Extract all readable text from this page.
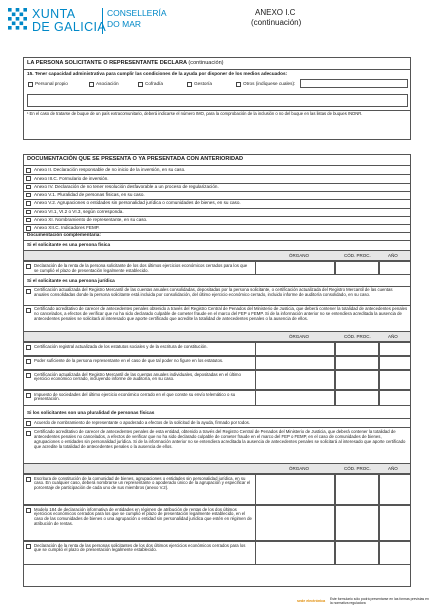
XUNTA
DE GALICIA
CONSELLERÍA
DO MAR
ANEXO I.C
(continuación)
LA PERSONA SOLICITANTE O REPRESENTANTE DECLARA (continuación)
15. Tener capacidad administrativa para cumplir las condiciones de la ayuda por disponer de los medios adecuados:
Personal propio	Asociación	Cofradía	Gestoría	Otros (indíquese cuales):
¹ En el caso de tratarse de buque de un país extracomunitario, deberá indicarse el número IMO, para la comprobación de la inclusión o no del buque en las listas de buques INDNR.
DOCUMENTACIÓN QUE SE PRESENTA O YA PRESENTADA CON ANTERIORIDAD
Anexo II. Declaración responsable de no inicio de la inversión, en su caso.
Anexo III.C. Formulario de inversión.
Anexo IV. Declaración de no tener resolución desfavorable a un proceso de regularización.
Anexo V.1. Pluralidad de personas físicas, en su caso.
Anexo V.2. Agrupaciones o entidades sin personalidad jurídica o comunidades de bienes, en su caso.
Anexo VI.1, VI.2 o VI.3, según corresponda.
Anexo XI. Nombramiento de representante, en su caso.
Anexo XII.C. Indicadores FEMP.
Documentación complementaria:
Si el solicitante es una persona física
ÓRGANO	CÓD. PROC.	AÑO
Declaración de la renta de la persona solicitante de los dos últimos ejercicios económicos cerrados para los que se cumplió el plazo de presentación legalmente establecido.
Si el solicitante es una persona jurídica
Certificación actualizada del Registro Mercantil de las cuentas anuales consolidadas, depositadas por la persona solicitante, o certificación actualizada del Registro Mercantil de las cuentas anuales consolidadas donde la persona solicitante está incluida por consolidación, del último ejercicio económico cerrado, incluido informe de auditoría consolidado, en su caso.
Certificado acreditativo de carecer de antecedentes penales obtenido a través del Registro Central de Penados del Ministerio de Justicia, que deberá contener la totalidad de antecedentes penales no cancelados, a efectos de verificar que no ha sido declarado culpable de cometer fraude en el marco del FEP o FEMP. Si de la información anterior no se entendiera acreditada la ausencia de antecedentes penales se solicitará al interesado que aporte certificado que acredite la totalidad de antecedentes penales o la ausencia de ellos.
ÓRGANO	CÓD. PROC.	AÑO
Certificación registral actualizada de los estatutos sociales y de la escritura de constitución.
Poder suficiente de la persona representante en el caso de que tal poder no figure en los estatutos.
Certificación actualizada del Registro Mercantil de las cuentas anuales individuales, depositadas en el último ejercicio económico cerrado, incluyendo informe de auditoría, en su caso.
Impuesto de sociedades del último ejercicio económico cerrado en el que conste su envío telemático o su presentación.
Si los solicitantes son una pluralidad de personas físicas
Acuerdo de nombramiento de representante o apoderado a efectos de la solicitud de la ayuda, firmado por todos.
Certificado acreditativo de carecer de antecedentes penales de esta entidad, obtenido a través del Registro Central de Penados del Ministerio de Justicia, que deberá contener la totalidad de antecedentes penales no cancelados, a efectos de verificar que no ha sido declarado culpable de cometer fraude en el marco del FEP o FEMP, en el caso de comunidades de bienes, agrupaciones o entidades sin personalidad jurídica. Si de la información anterior no se entendiera acreditada la ausencia de antecedentes penales se solicitará al interesado que aporte certificado que acredite la totalidad de antecedentes penales o la ausencia de ellos.
ÓRGANO	CÓD. PROC.	AÑO
Escritura de constitución de la comunidad de bienes, agrupaciones o entidades sin personalidad jurídica, en su caso. En cualquier caso, deberá nombrarse un representante o apoderado único de la agrupación y especificar el porcentaje de participación de cada uno de sus miembros (anexo V.2).
Modelo 184 de declaración informativa de entidades en régimen de atribución de rentas de los dos últimos ejercicios económicos cerrados para los que se cumplió el plazo de presentación legalmente establecido, en el caso de las comunidades de bienes o una agrupación o entidad sin personalidad jurídica que estén en régimen de atribución de rentas.
Declaración de la renta de las personas solicitantes de los dos últimos ejercicios económicos cerrados para los que se cumplió el plazo de presentación legalmente establecido.
sede electrónica Este formulario sólo podrá presentarse en las formas previstas en la normativa reguladora
